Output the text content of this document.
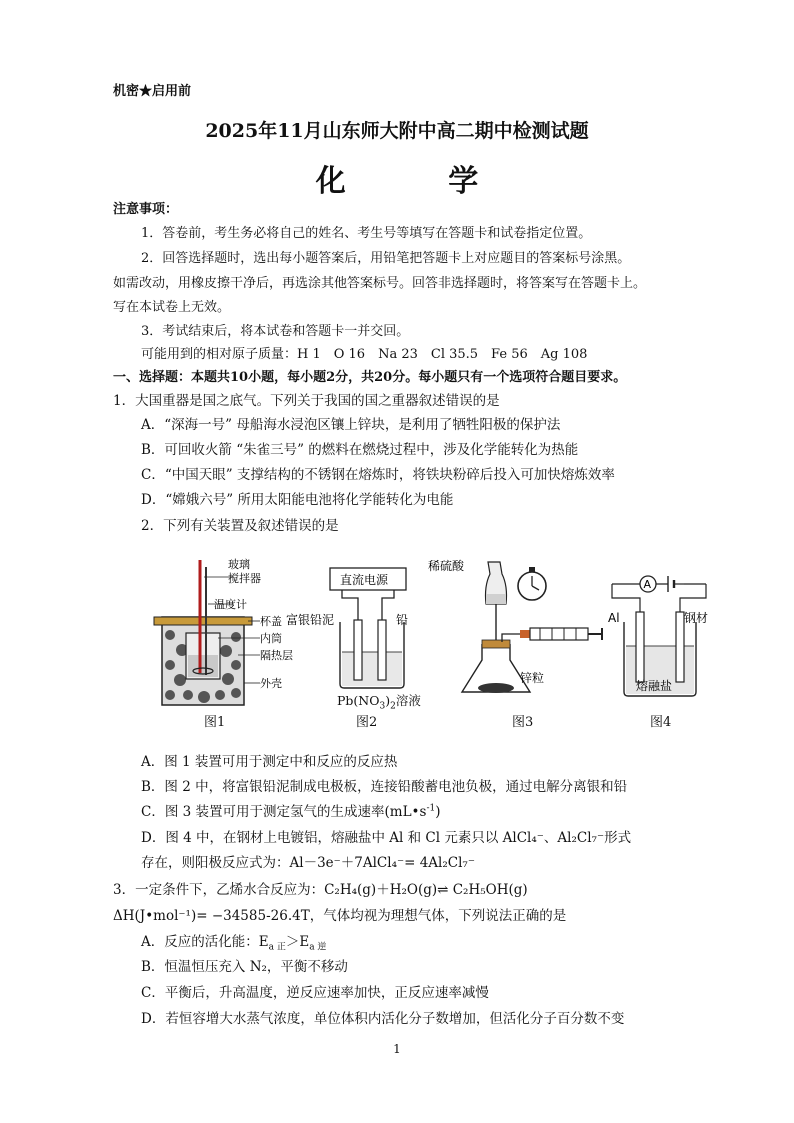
机密★启用前
2025年11月山东师大附中高二期中检测试题
化 学
注意事项：
1．答卷前，考生务必将自己的姓名、考生号等填写在答题卡和试卷指定位置。
2．回答选择题时，选出每小题答案后，用铅笔把答题卡上对应题目的答案标号涂黑。
如需改动，用橡皮擦干净后，再选涂其他答案标号。回答非选择题时，将答案写在答题卡上。
写在本试卷上无效。
3．考试结束后，将本试卷和答题卡一并交回。
可能用到的相对原子质量：H 1　O 16　Na 23　Cl 35.5　Fe 56　Ag 108
一、选择题：本题共10小题，每小题2分，共20分。每小题只有一个选项符合题目要求。
1．大国重器是国之底气。下列关于我国的国之重器叙述错误的是
A．“深海一号” 母船海水浸泡区镶上锌块，是利用了牺牲阳极的保护法
B．可回收火箭 “朱雀三号” 的燃料在燃烧过程中，涉及化学能转化为热能
C．“中国天眼” 支撑结构的不锈钢在熔炼时，将铁块粉碎后投入可加快熔炼效率
D．“嫦娥六号” 所用太阳能电池将化学能转化为电能
2．下列有关装置及叙述错误的是
玻璃
搅拌器
温度计
杯盖
内筒
隔热层
外壳
图1
直流电源
富银铅泥	铅
$Pb(NO_3)_2$溶液
图2
稀硫酸
锌粒
图3
A
Al	钢材
熔融盐
图4
A．图 1 装置可用于测定中和反应的反应热
B．图 2 中，将富银铅泥制成电极板，连接铅酸蓄电池负极，通过电解分离银和铅
C．图 3 装置可用于测定氢气的生成速率$(mL•s^{-1})$
D．图 4 中，在钢材上电镀铝，熔融盐中 Al 和 Cl 元素只以 AlCl₄⁻、Al₂Cl₇⁻形式
存在，则阳极反应式为：Al－3e⁻＋7AlCl₄⁻= 4Al₂Cl₇⁻
3．一定条件下，乙烯水合反应为：C₂H₄(g)＋H₂O(g)⇌ C₂H₅OH(g)
ΔH(J•mol⁻¹)= −34585-26.4T，气体均视为理想气体，下列说法正确的是
A．反应的活化能：$E_{a 正}>E_{a 逆}$
B．恒温恒压充入 N₂，平衡不移动
C．平衡后，升高温度，逆反应速率加快，正反应速率减慢
D．若恒容增大水蒸气浓度，单位体积内活化分子数增加，但活化分子百分数不变
1
